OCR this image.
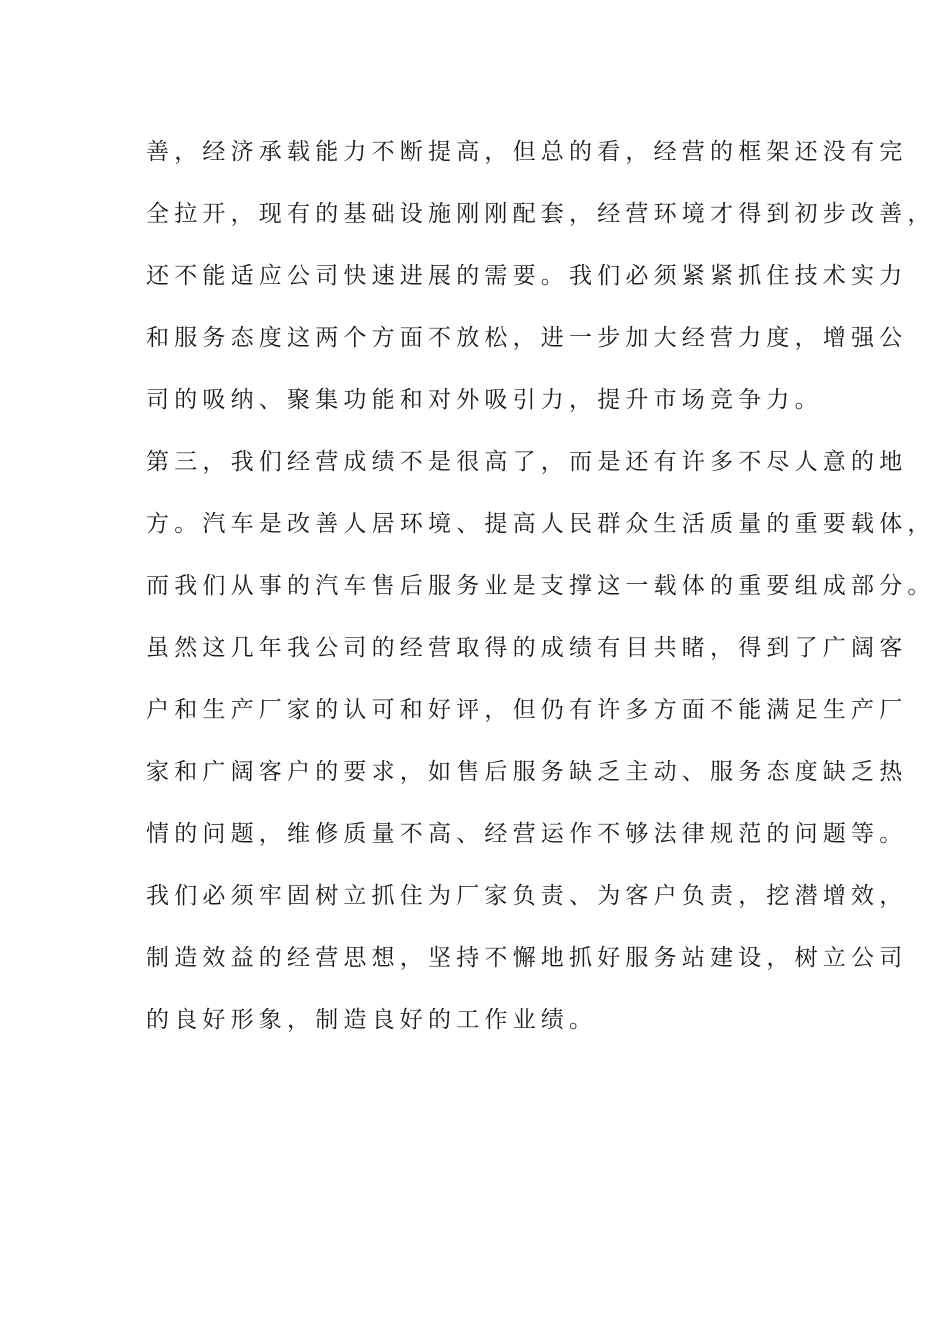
善，经济承载能力不断提高，但总的看，经营的框架还没有完
全拉开，现有的基础设施刚刚配套，经营环境才得到初步改善，
还不能适应公司快速进展的需要。我们必须紧紧抓住技术实力
和服务态度这两个方面不放松，进一步加大经营力度，增强公
司的吸纳、聚集功能和对外吸引力，提升市场竞争力。
第三，我们经营成绩不是很高了，而是还有许多不尽人意的地
方。汽车是改善人居环境、提高人民群众生活质量的重要载体，
而我们从事的汽车售后服务业是支撑这一载体的重要组成部分。
虽然这几年我公司的经营取得的成绩有目共睹，得到了广阔客
户和生产厂家的认可和好评，但仍有许多方面不能满足生产厂
家和广阔客户的要求，如售后服务缺乏主动、服务态度缺乏热
情的问题，维修质量不高、经营运作不够法律规范的问题等。
我们必须牢固树立抓住为厂家负责、为客户负责，挖潜增效，
制造效益的经营思想，坚持不懈地抓好服务站建设，树立公司
的良好形象，制造良好的工作业绩。
